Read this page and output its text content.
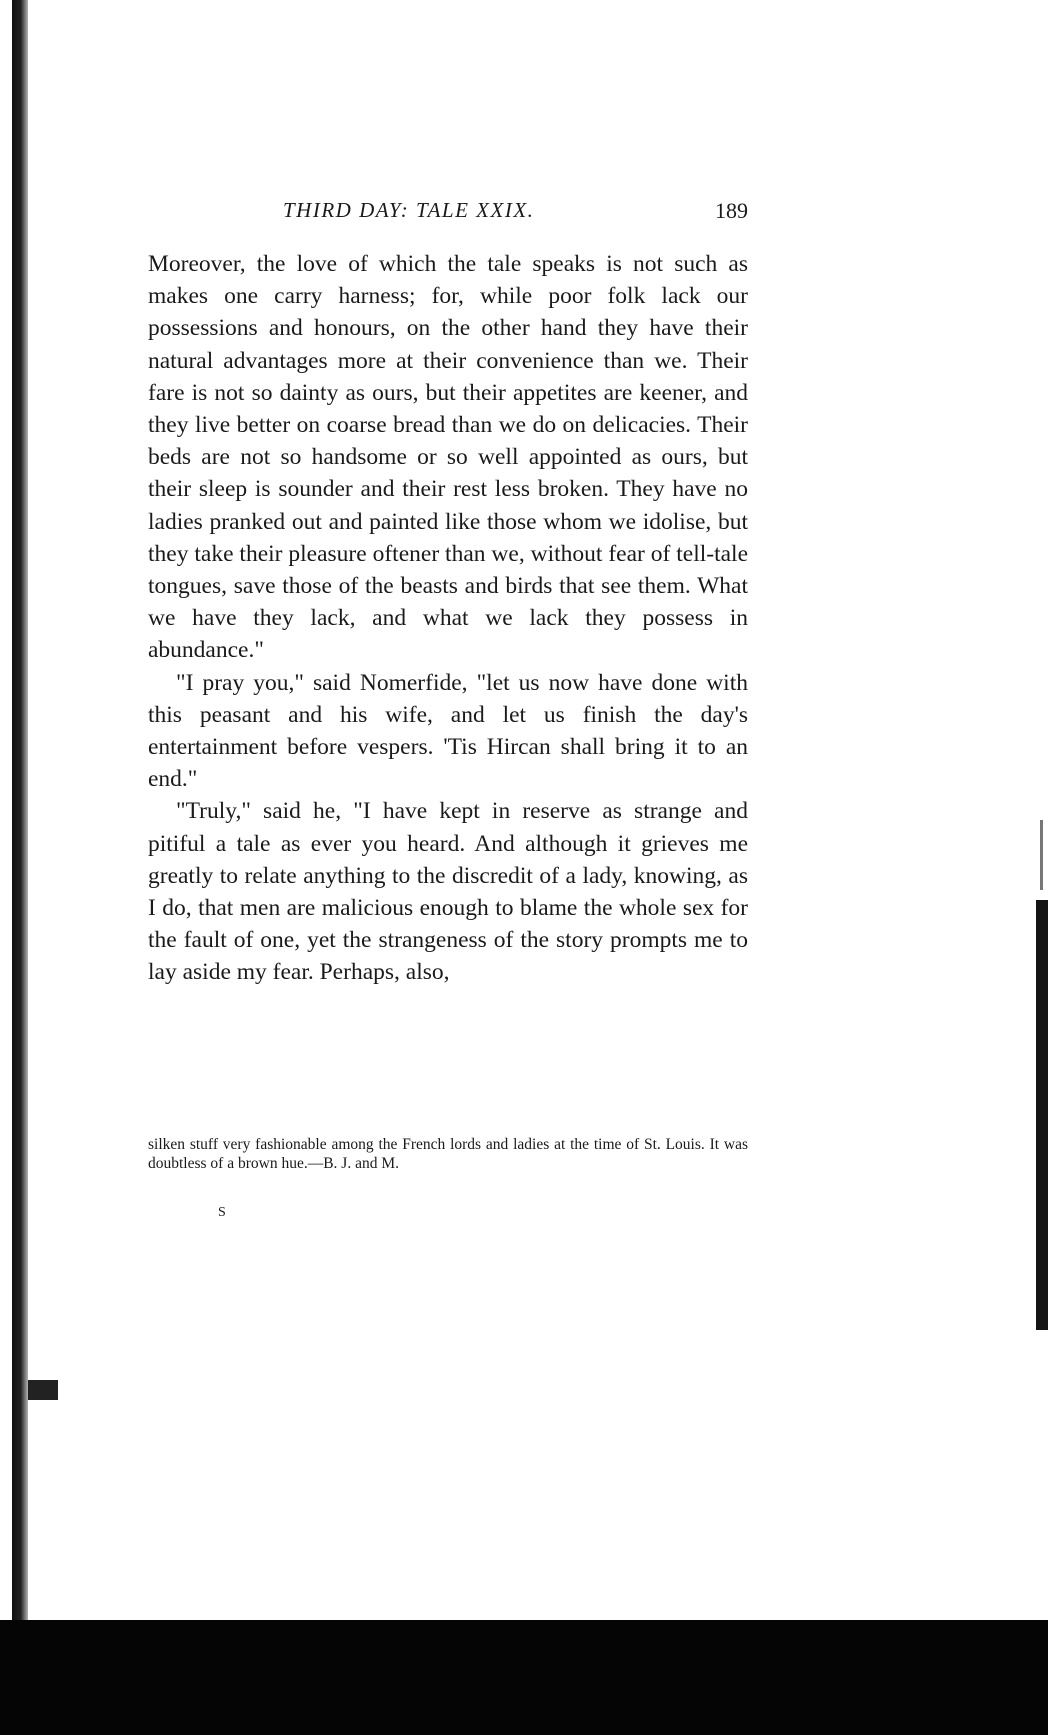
THIRD DAY: TALE XXIX.	189

Moreover, the love of which the tale speaks is not such as makes one carry harness; for, while poor folk lack our possessions and honours, on the other hand they have their natural advantages more at their convenience than we. Their fare is not so dainty as ours, but their appetites are keener, and they live better on coarse bread than we do on delicacies. Their beds are not so handsome or so well appointed as ours, but their sleep is sounder and their rest less broken. They have no ladies pranked out and painted like those whom we idolise, but they take their pleasure oftener than we, without fear of tell-tale tongues, save those of the beasts and birds that see them. What we have they lack, and what we lack they possess in abundance."

"I pray you," said Nomerfide, "let us now have done with this peasant and his wife, and let us finish the day's entertainment before vespers. 'Tis Hircan shall bring it to an end."

"Truly," said he, "I have kept in reserve as strange and pitiful a tale as ever you heard. And although it grieves me greatly to relate anything to the discredit of a lady, knowing, as I do, that men are malicious enough to blame the whole sex for the fault of one, yet the strangeness of the story prompts me to lay aside my fear. Perhaps, also,

silken stuff very fashionable among the French lords and ladies at the time of St. Louis. It was doubtless of a brown hue.—B. J. and M.

S
